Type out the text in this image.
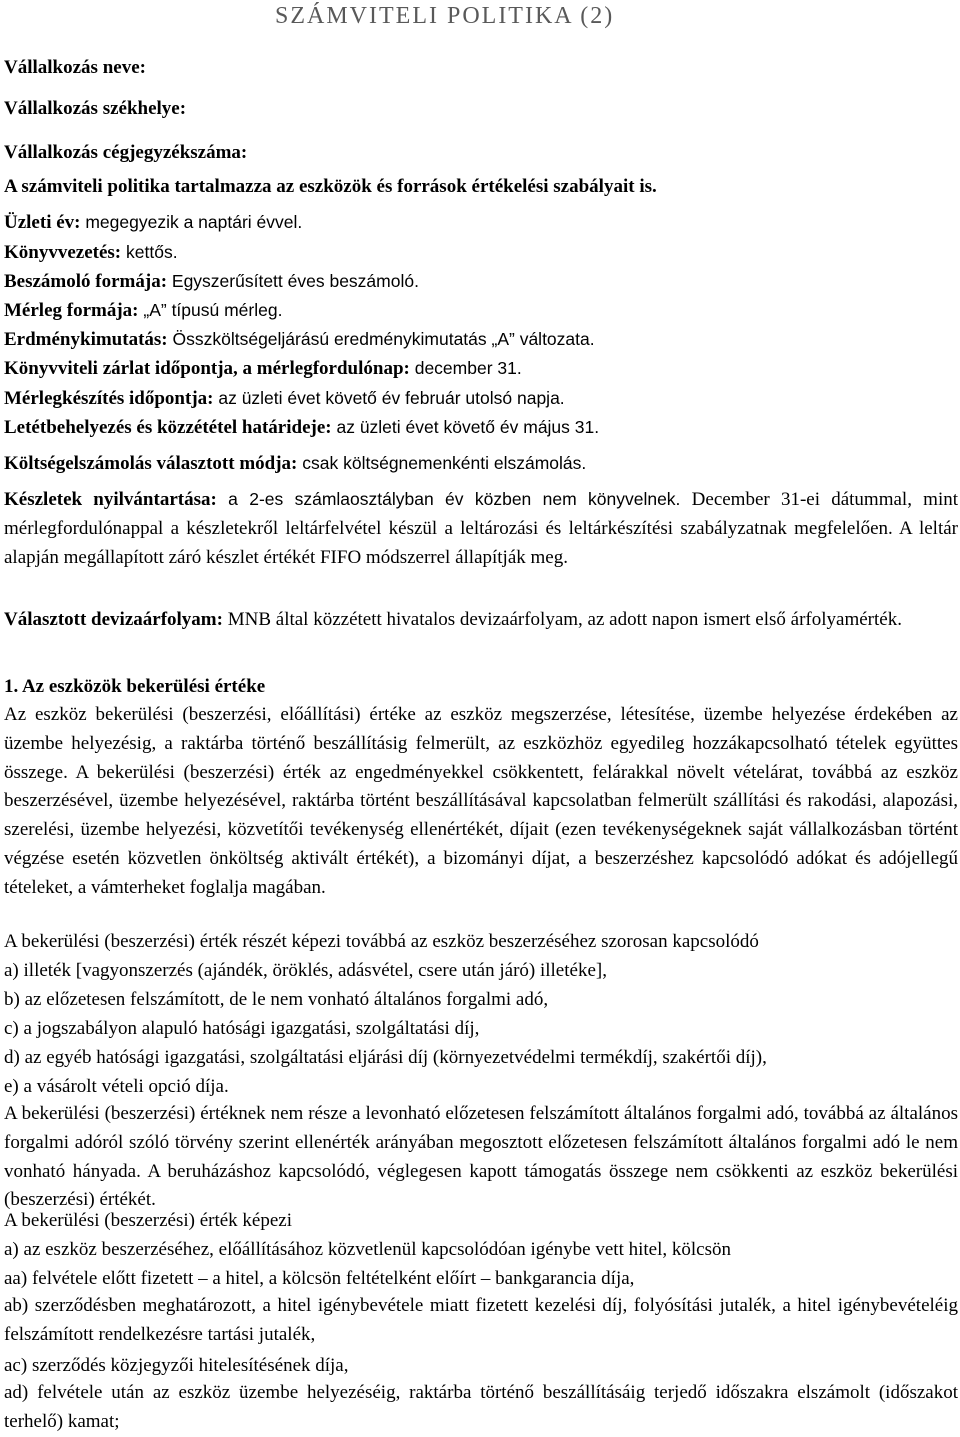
SZÁMVITELI POLITIKA (2)
Vállalkozás neve:
Vállalkozás székhelye:
Vállalkozás cégjegyzékszáma:
A számviteli politika tartalmazza az eszközök és források értékelési szabályait is.
Üzleti év: megegyezik a naptári évvel.
Könyvvezetés: kettős.
Beszámoló formája: Egyszerűsített éves beszámoló.
Mérleg formája: „A” típusú mérleg.
Erdménykimutatás: Összköltségeljárású eredménykimutatás „A” változata.
Könyvviteli zárlat időpontja, a mérlegfordulónap: december 31.
Mérlegkészítés időpontja: az üzleti évet követő év február utolsó napja.
Letétbehelyezés és közzététel határideje: az üzleti évet követő év május 31.
Költségelszámolás választott módja: csak költségnemenkénti elszámolás.
Készletek nyilvántartása: a 2-es számlaosztályban év közben nem könyvelnek. December 31-ei dátummal, mint mérlegfordulónappal a készletekről leltárfelvétel készül a leltározási és leltárkészítési szabályzatnak megfelelően. A leltár alapján megállapított záró készlet értékét FIFO módszerrel állapítják meg.
Választott devizaárfolyam: MNB által közzétett hivatalos devizaárfolyam, az adott napon ismert első árfolyamérték.
1. Az eszközök bekerülési értéke
Az eszköz bekerülési (beszerzési, előállítási) értéke az eszköz megszerzése, létesítése, üzembe helyezése érdekében az üzembe helyezésig, a raktárba történő beszállításig felmerült, az eszközhöz egyedileg hozzákapcsolható tételek együttes összege. A bekerülési (beszerzési) érték az engedményekkel csökkentett, felárakkal növelt vételárat, továbbá az eszköz beszerzésével, üzembe helyezésével, raktárba történt beszállításával kapcsolatban felmerült szállítási és rakodási, alapozási, szerelési, üzembe helyezési, közvetítői tevékenység ellenértékét, díjait (ezen tevékenységeknek saját vállalkozásban történt végzése esetén közvetlen önköltség aktivált értékét), a bizományi díjat, a beszerzéshez kapcsolódó adókat és adójellegű tételeket, a vámterheket foglalja magában.
A bekerülési (beszerzési) érték részét képezi továbbá az eszköz beszerzéséhez szorosan kapcsolódó
a) illeték [vagyonszerzés (ajándék, öröklés, adásvétel, csere után járó) illetéke],
b) az előzetesen felszámított, de le nem vonható általános forgalmi adó,
c) a jogszabályon alapuló hatósági igazgatási, szolgáltatási díj,
d) az egyéb hatósági igazgatási, szolgáltatási eljárási díj (környezetvédelmi termékdíj, szakértői díj),
e) a vásárolt vételi opció díja.
A bekerülési (beszerzési) értéknek nem része a levonható előzetesen felszámított általános forgalmi adó, továbbá az általános forgalmi adóról szóló törvény szerint ellenérték arányában megosztott előzetesen felszámított általános forgalmi adó le nem vonható hányada. A beruházáshoz kapcsolódó, véglegesen kapott támogatás összege nem csökkenti az eszköz bekerülési (beszerzési) értékét.
A bekerülési (beszerzési) érték képezi
a) az eszköz beszerzéséhez, előállításához közvetlenül kapcsolódóan igénybe vett hitel, kölcsön
aa) felvétele előtt fizetett – a hitel, a kölcsön feltételként előírt – bankgarancia díja,
ab) szerződésben meghatározott, a hitel igénybevétele miatt fizetett kezelési díj, folyósítási jutalék, a hitel igénybevételéig felszámított rendelkezésre tartási jutalék,
ac) szerződés közjegyzői hitelesítésének díja,
ad) felvétele után az eszköz üzembe helyezéséig, raktárba történő beszállításáig terjedő időszakra elszámolt (időszakot terhelő) kamat;
